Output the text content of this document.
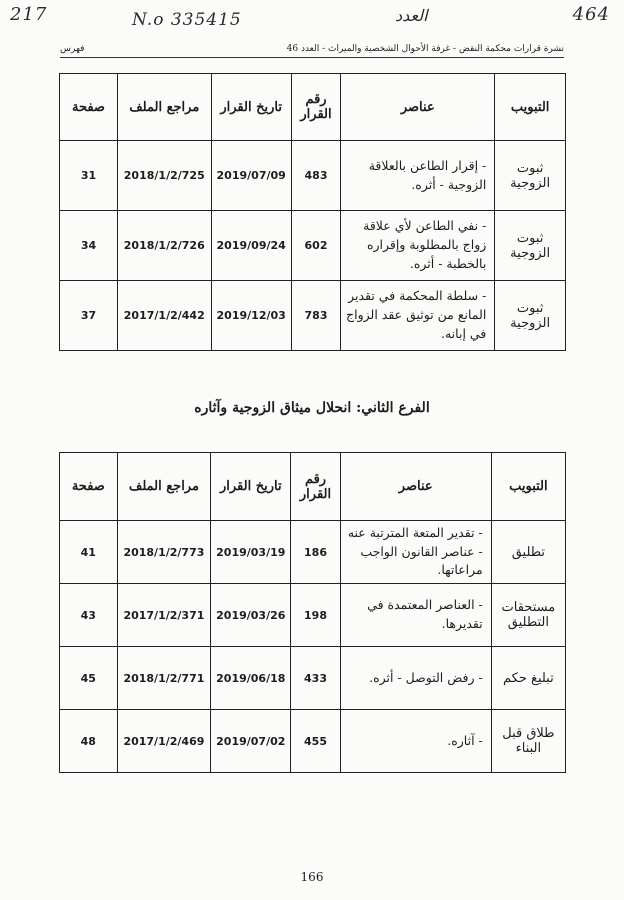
217	N.o 335415	العدد	464
نشرة قرارات محكمة النقض - غرفة الأحوال الشخصية والميراث - العدد 46
فهرس
التبويب	عناصر	رقم القرار	تاريخ القرار	مراجع الملف	صفحة
ثبوت الزوجية	- إقرار الطاعن بالعلاقة الزوجية - أثره.	483	2019/07/09	2018/1/2/725	31
ثبوت الزوجية	- نفي الطاعن لأي علاقة زواج بالمطلوبة وإقراره بالخطبة - أثره.	602	2019/09/24	2018/1/2/726	34
ثبوت الزوجية	- سلطة المحكمة في تقدير المانع من توثيق عقد الزواج في إبانه.	783	2019/12/03	2017/1/2/442	37
الفرع الثاني: انحلال ميثاق الزوجية وآثاره
التبويب	عناصر	رقم القرار	تاريخ القرار	مراجع الملف	صفحة
تطليق	- تقدير المتعة المترتبة عنه - عناصر القانون الواجب مراعاتها.	186	2019/03/19	2018/1/2/773	41
مستحقات التطليق	- العناصر المعتمدة في تقديرها.	198	2019/03/26	2017/1/2/371	43
تبليغ حكم	- رفض التوصل - أثره.	433	2019/06/18	2018/1/2/771	45
طلاق قبل البناء	- آثاره.	455	2019/07/02	2017/1/2/469	48
166
